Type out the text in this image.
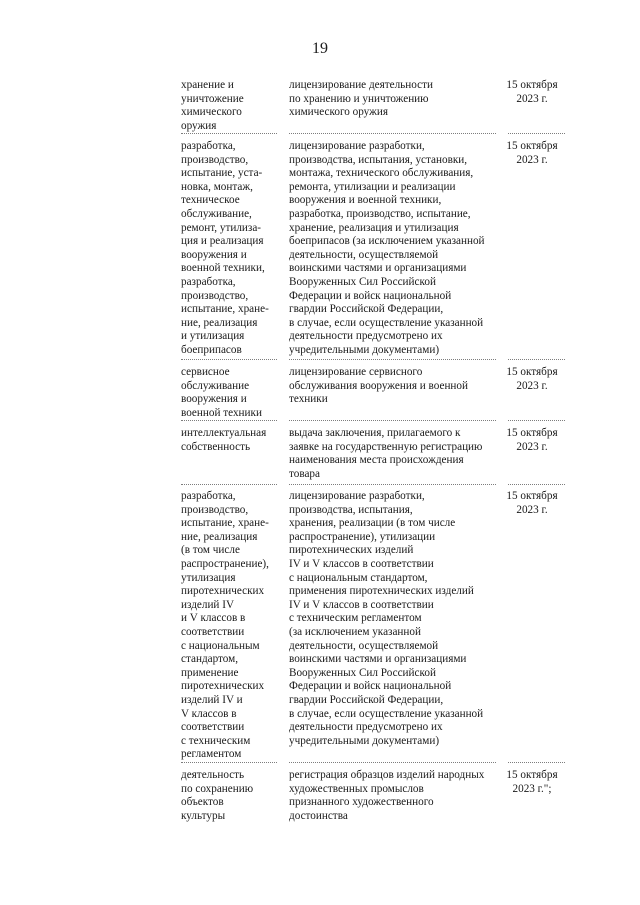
19
хранение и
уничтожение
химического
оружия
лицензирование деятельности
по хранению и уничтожению
химического оружия
15 октября
2023 г.
разработка,
производство,
испытание, уста-
новка, монтаж,
техническое
обслуживание,
ремонт, утилиза-
ция и реализация
вооружения и
военной техники,
разработка,
производство,
испытание, хране-
ние, реализация
и утилизация
боеприпасов
лицензирование разработки,
производства, испытания, установки,
монтажа, технического обслуживания,
ремонта, утилизации и реализации
вооружения и военной техники,
разработка, производство, испытание,
хранение, реализация и утилизация
боеприпасов (за исключением указанной
деятельности, осуществляемой
воинскими частями и организациями
Вооруженных Сил Российской
Федерации и войск национальной
гвардии Российской Федерации,
в случае, если осуществление указанной
деятельности предусмотрено их
учредительными документами)
15 октября
2023 г.
сервисное
обслуживание
вооружения и
военной техники
лицензирование сервисного
обслуживания вооружения и военной
техники
15 октября
2023 г.
интеллектуальная
собственность
выдача заключения, прилагаемого к
заявке на государственную регистрацию
наименования места происхождения
товара
15 октября
2023 г.
разработка,
производство,
испытание, хране-
ние, реализация
(в том числе
распространение),
утилизация
пиротехнических
изделий IV
и V классов в
соответствии
с национальным
стандартом,
применение
пиротехнических
изделий IV и
V классов в
соответствии
с техническим
регламентом
лицензирование разработки,
производства, испытания,
хранения, реализации (в том числе
распространение), утилизации
пиротехнических изделий
IV и V классов в соответствии
с национальным стандартом,
применения пиротехнических изделий
IV и V классов в соответствии
с техническим регламентом
(за исключением указанной
деятельности, осуществляемой
воинскими частями и организациями
Вооруженных Сил Российской
Федерации и войск национальной
гвардии Российской Федерации,
в случае, если осуществление указанной
деятельности предусмотрено их
учредительными документами)
15 октября
2023 г.
деятельность
по сохранению
объектов
культуры
регистрация образцов изделий народных
художественных промыслов
признанного художественного
достоинства
15 октября
2023 г.";
